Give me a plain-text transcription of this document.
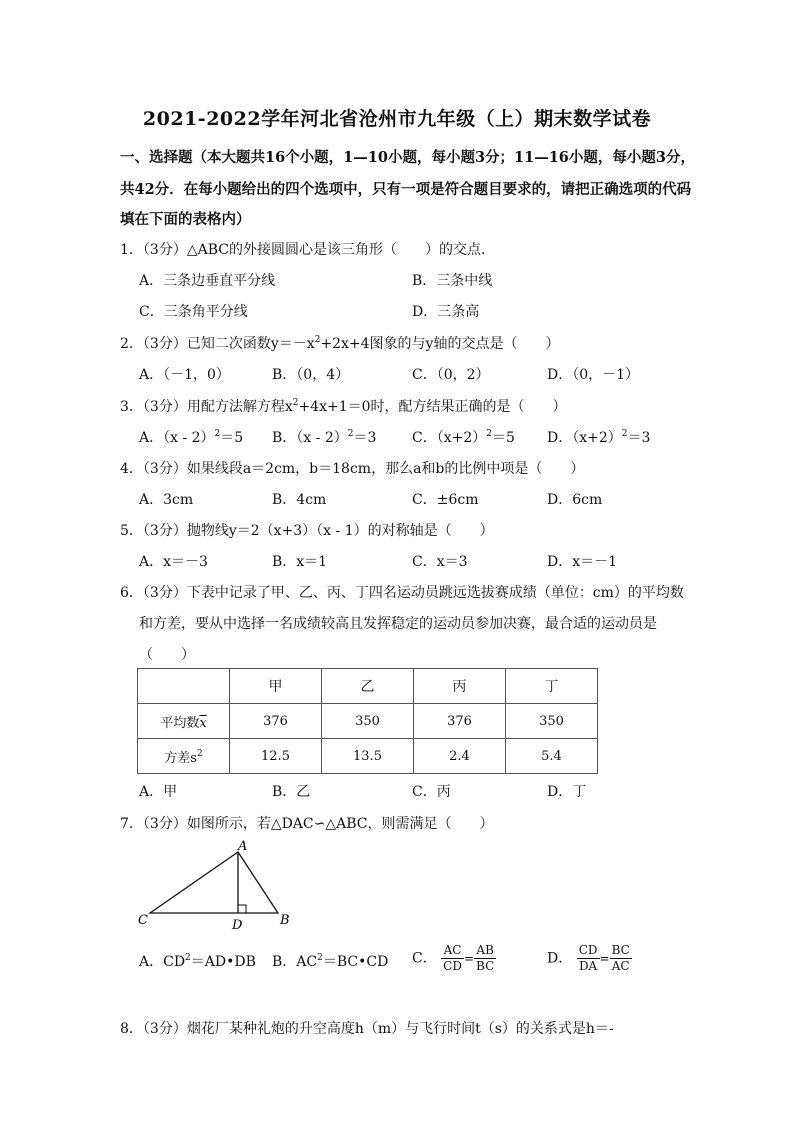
2021-2022学年河北省沧州市九年级（上）期末数学试卷
一、选择题（本大题共16个小题，1—10小题，每小题3分；11—16小题，每小题3分，
共42分．在每小题给出的四个选项中，只有一项是符合题目要求的，请把正确选项的代码
填在下面的表格内）
1．（3分）△ABC的外接圆圆心是该三角形（　　）的交点．
A．三条边垂直平分线	B．三条中线
C．三条角平分线	D．三条高
2．（3分）已知二次函数$y=-x^2+2x+4$图象的与y轴的交点是（　　）
A．（－1，0）	B．（0，4）	C．（0，2）	D．（0，－1）
3．（3分）用配方法解方程$x^2+4x+1=0$时，配方结果正确的是（　　）
A．（x - 2）$^2$＝5 B．（x - 2）$^2$＝3	C．$(x+2)^2=5$ D．$(x+2)^2=3$
4．（3分）如果线段a＝2cm，b＝18cm，那么a和b的比例中项是（　　）
A．3cm	B．4cm	C．±6cm	D．6cm
5．（3分）抛物线y＝2（x+3）（x - 1）的对称轴是（　　）
A．x＝－3	B．x＝1	C．x＝3	D．x＝－1
6．（3分）下表中记录了甲、乙、丙、丁四名运动员跳远选拔赛成绩（单位：cm）的平均数
和方差，要从中选择一名成绩较高且发挥稳定的运动员参加决赛，最合适的运动员是
（　　）
	甲	乙	丙	丁
平均数$\overline{x}$	376	350	376	350
方差$s^2$	12.5	13.5	2.4	5.4
A．甲	B．乙	C．丙	D．丁
7．（3分）如图所示，若△DAC∽△ABC，则需满足（　　）
A
B
C	D
A．$CD^2=AD•DB$ B．$AC^2=BC•CD$ C． $\frac{AC}{CD} = \frac{AB}{BC}$	D． $\frac{CD}{DA} = \frac{BC}{AC}$
8．（3分）烟花厂某种礼炮的升空高度h（m）与飞行时间t（s）的关系式是h＝-
